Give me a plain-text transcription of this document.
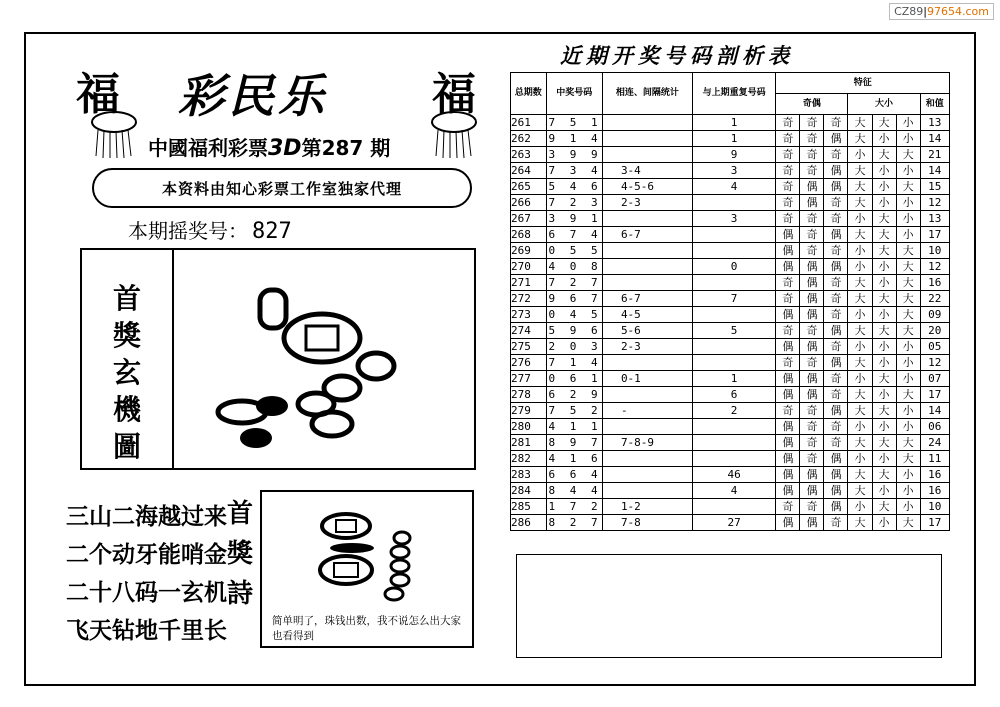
CZ89|97654.com
福	福
彩民乐
中國福利彩票3D第287 期
本资料由知心彩票工作室独家代理
本期摇奖号： 827
首
獎
玄
機
圖
三山二海越过来
二个动牙能哨金
二十八码一玄机
飞天钻地千里长
首
獎
詩
简单明了，珠钱出数，我不说怎么出大家也看得到
近期开奖号码剖析表
总期数	中奖号码	相连、间隔统计	与上期重复号码	特征						
				奇偶			大小			和值
261	7 5 1		1	奇	奇	奇	大	大	小	13
262	9 1 4		1	奇	奇	偶	大	小	小	14
263	3 9 9		9	奇	奇	奇	小	大	大	21
264	7 3 4	3-4	3	奇	奇	偶	大	小	小	14
265	5 4 6	4-5-6	4	奇	偶	偶	大	小	大	15
266	7 2 3	2-3		奇	偶	奇	大	小	小	12
267	3 9 1		3	奇	奇	奇	小	大	小	13
268	6 7 4	6-7		偶	奇	偶	大	大	小	17
269	0 5 5			偶	奇	奇	小	大	大	10
270	4 0 8		0	偶	偶	偶	小	小	大	12
271	7 2 7			奇	偶	奇	大	小	大	16
272	9 6 7	6-7	7	奇	偶	奇	大	大	大	22
273	0 4 5	4-5		偶	偶	奇	小	小	大	09
274	5 9 6	5-6	5	奇	奇	偶	大	大	大	20
275	2 0 3	2-3		偶	偶	奇	小	小	小	05
276	7 1 4			奇	奇	偶	大	小	小	12
277	0 6 1	0-1	1	偶	偶	奇	小	大	小	07
278	6 2 9		6	偶	偶	奇	大	小	大	17
279	7 5 2	-	2	奇	奇	偶	大	大	小	14
280	4 1 1			偶	奇	奇	小	小	小	06
281	8 9 7	7-8-9		偶	奇	奇	大	大	大	24
282	4 1 6			偶	奇	偶	小	小	大	11
283	6 6 4		46	偶	偶	偶	大	大	小	16
284	8 4 4		4	偶	偶	偶	大	小	小	16
285	1 7 2	1-2		奇	奇	偶	小	大	小	10
286	8 2 7	7-8	27	偶	偶	奇	大	小	大	17
